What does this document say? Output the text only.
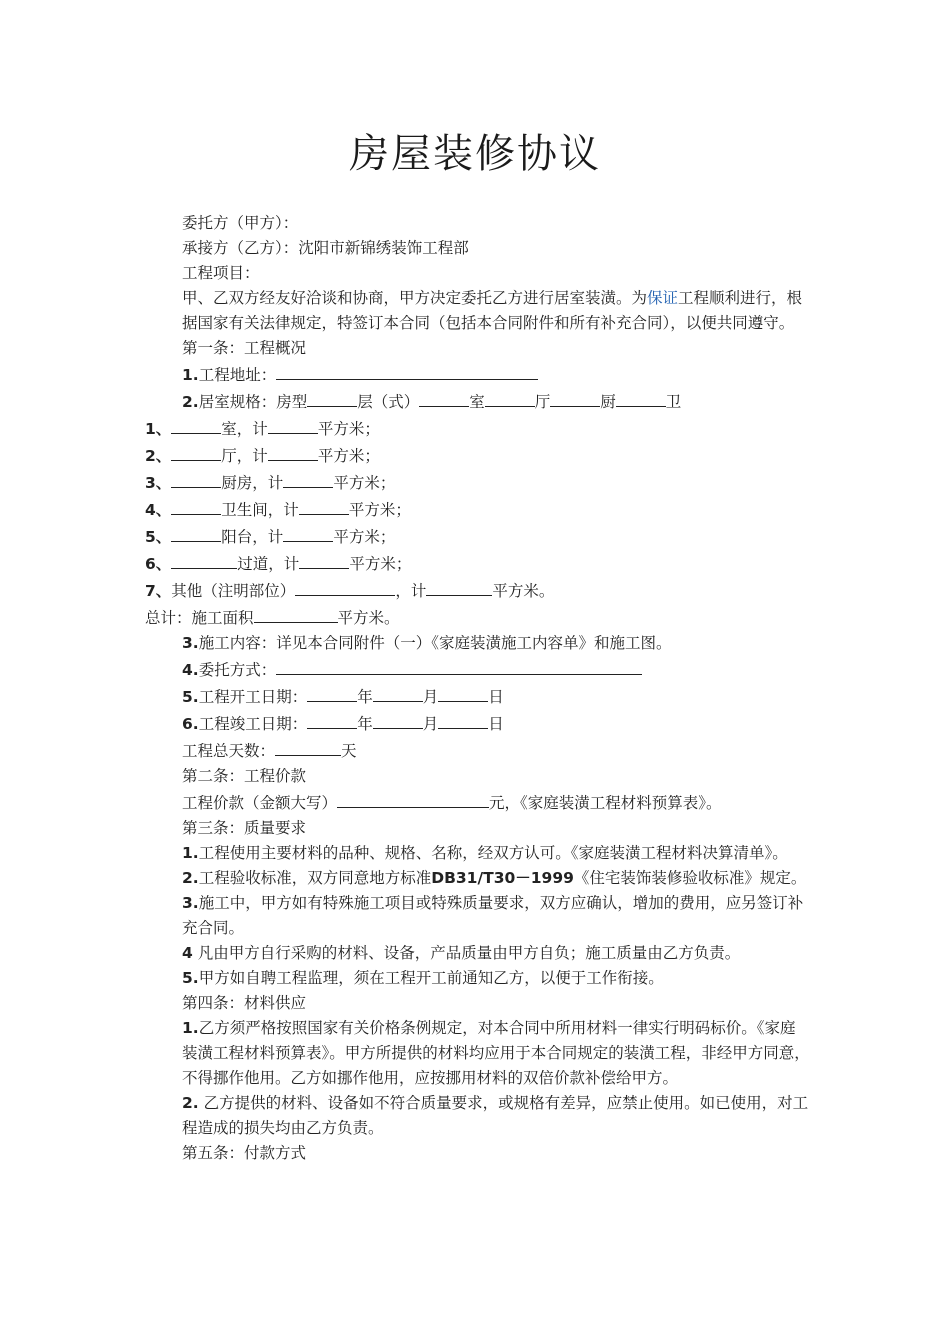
房屋装修协议

委托方（甲方）：

承接方（乙方）：沈阳市新锦绣装饰工程部

工程项目：

甲、乙双方经友好洽谈和协商，甲方决定委托乙方进行居室装潢。为保证工程顺利进行，根据国家有关法律规定，特签订本合同（包括本合同附件和所有补充合同），以便共同遵守。

第一条：工程概况

1.工程地址：

2.居室规格：房型	层（式）	室	厅	厨	卫

1、	室，计	平方米；

2、	厅，计	平方米；

3、	厨房，计	平方米；

4、	卫生间，计	平方米；

5、	阳台，计	平方米；

6、	过道，计	平方米；

7、其他（注明部位）	，计	平方米。

总计：施工面积	平方米。

3.施工内容：详见本合同附件（一）《家庭装潢施工内容单》和施工图。

4.委托方式：

5.工程开工日期：	年	月	日

6.工程竣工日期：	年	月	日

工程总天数：	天

第二条：工程价款

工程价款（金额大写）	元，《家庭装潢工程材料预算表》。

第三条：质量要求

1.工程使用主要材料的品种、规格、名称，经双方认可。《家庭装潢工程材料决算清单》。

2.工程验收标准，双方同意地方标准DB31/T30－1999《住宅装饰装修验收标准》规定。

3.施工中，甲方如有特殊施工项目或特殊质量要求，双方应确认，增加的费用，应另签订补充合同。

4 凡由甲方自行采购的材料、设备，产品质量由甲方自负；施工质量由乙方负责。

5.甲方如自聘工程监理，须在工程开工前通知乙方，以便于工作衔接。

第四条：材料供应

1.乙方须严格按照国家有关价格条例规定，对本合同中所用材料一律实行明码标价。《家庭装潢工程材料预算表》。甲方所提供的材料均应用于本合同规定的装潢工程，非经甲方同意，不得挪作他用。乙方如挪作他用，应按挪用材料的双倍价款补偿给甲方。

2. 乙方提供的材料、设备如不符合质量要求，或规格有差异，应禁止使用。如已使用，对工程造成的损失均由乙方负责。

第五条：付款方式
